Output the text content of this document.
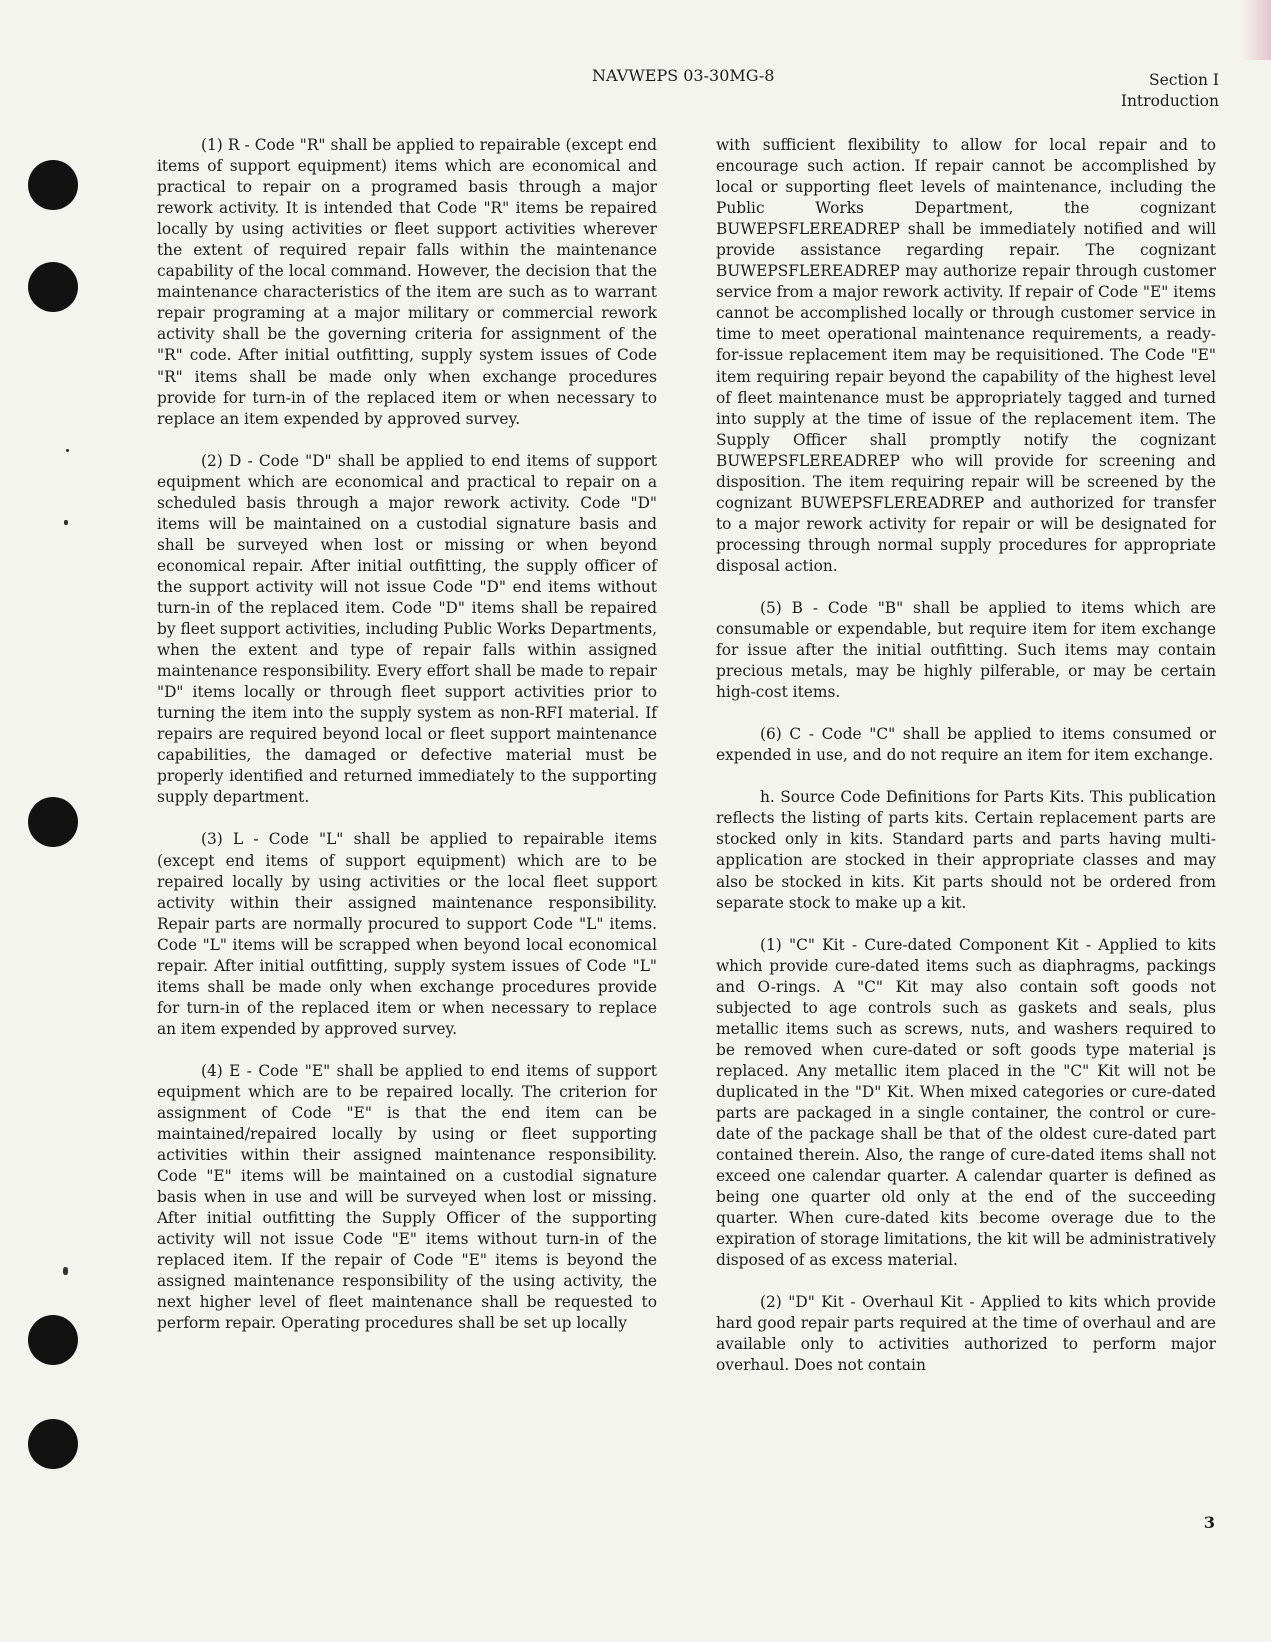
NAVWEPS 03-30MG-8	Section I
Introduction

(1) R - Code "R" shall be applied to repairable (except end items of support equipment) items which are economical and practical to repair on a programed basis through a major rework activity. It is intended that Code "R" items be repaired locally by using activities or fleet support activities wherever the extent of required repair falls within the maintenance capability of the local command. However, the decision that the maintenance characteristics of the item are such as to warrant repair programing at a major military or commercial rework activity shall be the governing criteria for assignment of the "R" code. After initial outfitting, supply system issues of Code "R" items shall be made only when exchange procedures provide for turn-in of the replaced item or when necessary to replace an item expended by approved survey.

(2) D - Code "D" shall be applied to end items of support equipment which are economical and practical to repair on a scheduled basis through a major rework activity. Code "D" items will be maintained on a custodial signature basis and shall be surveyed when lost or missing or when beyond economical repair. After initial outfitting, the supply officer of the support activity will not issue Code "D" end items without turn-in of the replaced item. Code "D" items shall be repaired by fleet support activities, including Public Works Departments, when the extent and type of repair falls within assigned maintenance responsibility. Every effort shall be made to repair "D" items locally or through fleet support activities prior to turning the item into the supply system as non-RFI material. If repairs are required beyond local or fleet support maintenance capabilities, the damaged or defective material must be properly identified and returned immediately to the supporting supply department.

(3) L - Code "L" shall be applied to repairable items (except end items of support equipment) which are to be repaired locally by using activities or the local fleet support activity within their assigned maintenance responsibility. Repair parts are normally procured to support Code "L" items. Code "L" items will be scrapped when beyond local economical repair. After initial outfitting, supply system issues of Code "L" items shall be made only when exchange procedures provide for turn-in of the replaced item or when necessary to replace an item expended by approved survey.

(4) E - Code "E" shall be applied to end items of support equipment which are to be repaired locally. The criterion for assignment of Code "E" is that the end item can be maintained/repaired locally by using or fleet supporting activities within their assigned maintenance responsibility. Code "E" items will be maintained on a custodial signature basis when in use and will be surveyed when lost or missing. After initial outfitting the Supply Officer of the supporting activity will not issue Code "E" items without turn-in of the replaced item. If the repair of Code "E" items is beyond the assigned maintenance responsibility of the using activity, the next higher level of fleet maintenance shall be requested to perform repair. Operating procedures shall be set up locally

with sufficient flexibility to allow for local repair and to encourage such action. If repair cannot be accomplished by local or supporting fleet levels of maintenance, including the Public Works Department, the cognizant BUWEPSFLEREADREP shall be immediately notified and will provide assistance regarding repair. The cognizant BUWEPSFLEREADREP may authorize repair through customer service from a major rework activity. If repair of Code "E" items cannot be accomplished locally or through customer service in time to meet operational maintenance requirements, a ready-for-issue replacement item may be requisitioned. The Code "E" item requiring repair beyond the capability of the highest level of fleet maintenance must be appropriately tagged and turned into supply at the time of issue of the replacement item. The Supply Officer shall promptly notify the cognizant BUWEPSFLEREADREP who will provide for screening and disposition. The item requiring repair will be screened by the cognizant BUWEPSFLEREADREP and authorized for transfer to a major rework activity for repair or will be designated for processing through normal supply procedures for appropriate disposal action.

(5) B - Code "B" shall be applied to items which are consumable or expendable, but require item for item exchange for issue after the initial outfitting. Such items may contain precious metals, may be highly pilferable, or may be certain high-cost items.

(6) C - Code "C" shall be applied to items consumed or expended in use, and do not require an item for item exchange.

h. Source Code Definitions for Parts Kits. This publication reflects the listing of parts kits. Certain replacement parts are stocked only in kits. Standard parts and parts having multi-application are stocked in their appropriate classes and may also be stocked in kits. Kit parts should not be ordered from separate stock to make up a kit.

(1) "C" Kit - Cure-dated Component Kit - Applied to kits which provide cure-dated items such as diaphragms, packings and O-rings. A "C" Kit may also contain soft goods not subjected to age controls such as gaskets and seals, plus metallic items such as screws, nuts, and washers required to be removed when cure-dated or soft goods type material is replaced. Any metallic item placed in the "C" Kit will not be duplicated in the "D" Kit. When mixed categories or cure-dated parts are packaged in a single container, the control or cure-date of the package shall be that of the oldest cure-dated part contained therein. Also, the range of cure-dated items shall not exceed one calendar quarter. A calendar quarter is defined as being one quarter old only at the end of the succeeding quarter. When cure-dated kits become overage due to the expiration of storage limitations, the kit will be administratively disposed of as excess material.

(2) "D" Kit - Overhaul Kit - Applied to kits which provide hard good repair parts required at the time of overhaul and are available only to activities authorized to perform major overhaul. Does not contain

3
